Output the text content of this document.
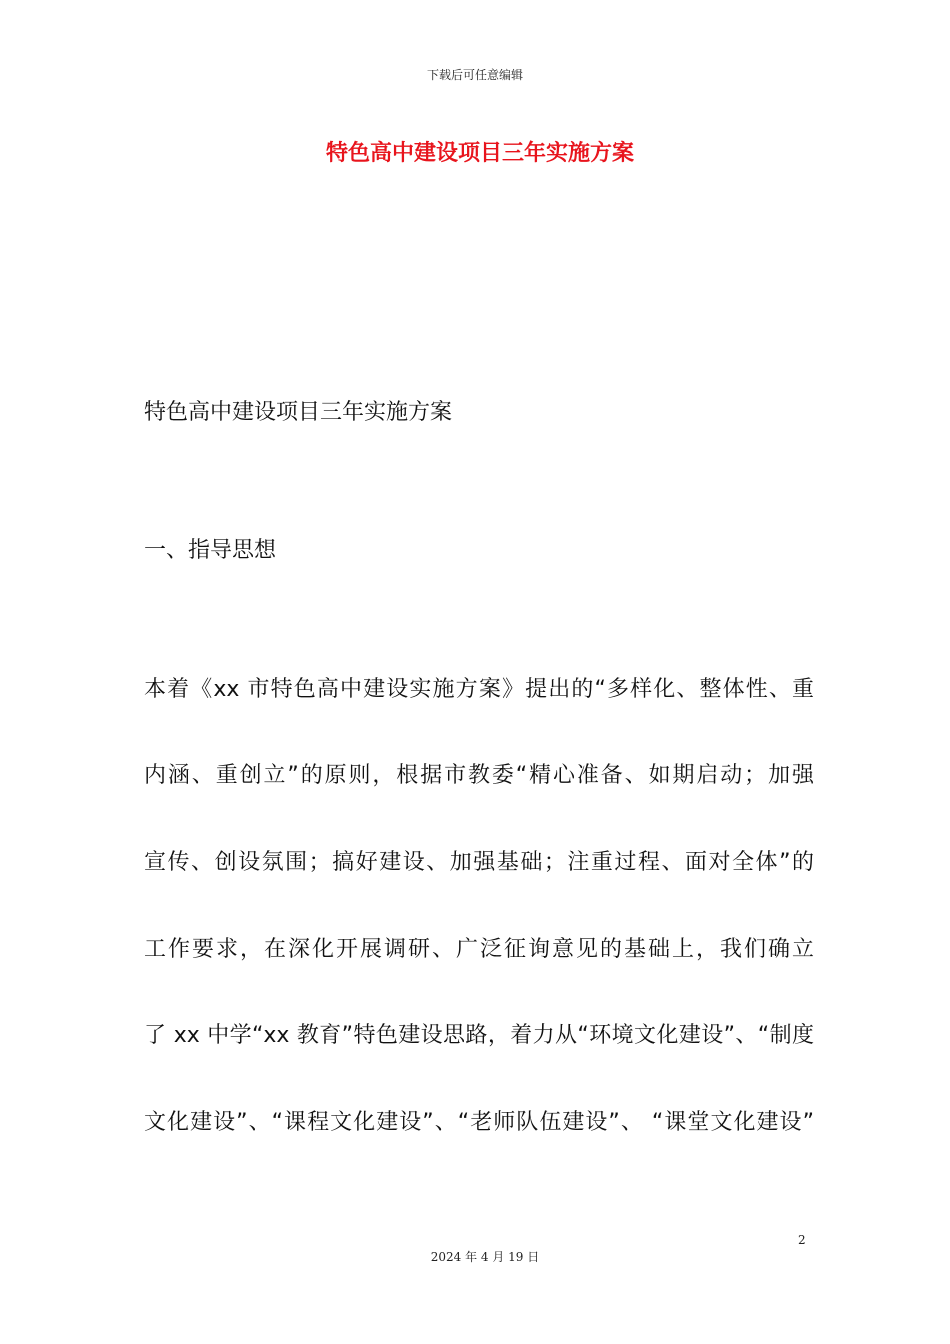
下载后可任意编辑
特色高中建设项目三年实施方案
特色高中建设项目三年实施方案
一、指导思想
本着《xx 市特色高中建设实施方案》提出的“多样化、整体性、重
内涵、重创立”的原则，根据市教委“精心准备、如期启动；加强
宣传、创设氛围；搞好建设、加强基础；注重过程、面对全体”的
工作要求，在深化开展调研、广泛征询意见的基础上，我们确立
了 xx 中学“xx 教育”特色建设思路，着力从“环境文化建设”、“制度
文化建设”、“课程文化建设”、“老师队伍建设”、 “课堂文化建设”
2
2024 年 4 月 19 日
